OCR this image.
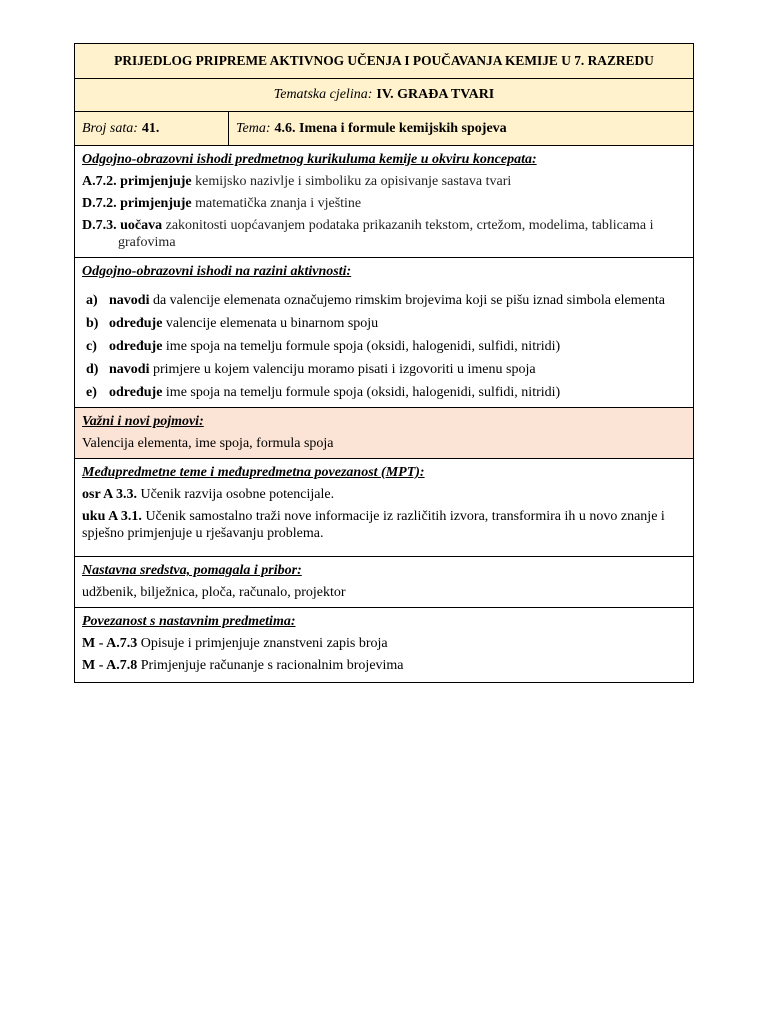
PRIJEDLOG PRIPREME AKTIVNOG UČENJA I POUČAVANJA KEMIJE U 7. RAZREDU
Tematska cjelina: IV. GRAĐA TVARI
Broj sata: 41.	Tema: 4.6. Imena i formule kemijskih spojeva
Odgojno-obrazovni ishodi predmetnog kurikuluma kemije u okviru koncepata:
A.7.2. primjenjuje kemijsko nazivlje i simboliku za opisivanje sastava tvari
D.7.2. primjenjuje matematička znanja i vještine
D.7.3. uočava zakonitosti uopćavanjem podataka prikazanih tekstom, crtežom, modelima, tablicama i grafovima
Odgojno-obrazovni ishodi na razini aktivnosti:
a) navodi da valencije elemenata označujemo rimskim brojevima koji se pišu iznad simbola elementa
b) određuje valencije elemenata u binarnom spoju
c) određuje ime spoja na temelju formule spoja (oksidi, halogenidi, sulfidi, nitridi)
d) navodi primjere u kojem valenciju moramo pisati i izgovoriti u imenu spoja
e) određuje ime spoja na temelju formule spoja (oksidi, halogenidi, sulfidi, nitridi)
Važni i novi pojmovi:
Valencija elementa, ime spoja, formula spoja
Međupredmetne teme i međupredmetna povezanost (MPT):
osr A 3.3. Učenik razvija osobne potencijale.
uku A 3.1. Učenik samostalno traži nove informacije iz različitih izvora, transformira ih u novo znanje i spješno primjenjuje u rješavanju problema.
Nastavna sredstva, pomagala i pribor:
udžbenik, bilježnica, ploča, računalo, projektor
Povezanost s nastavnim predmetima:
M - A.7.3 Opisuje i primjenjuje znanstveni zapis broja
M - A.7.8 Primjenjuje računanje s racionalnim brojevima
